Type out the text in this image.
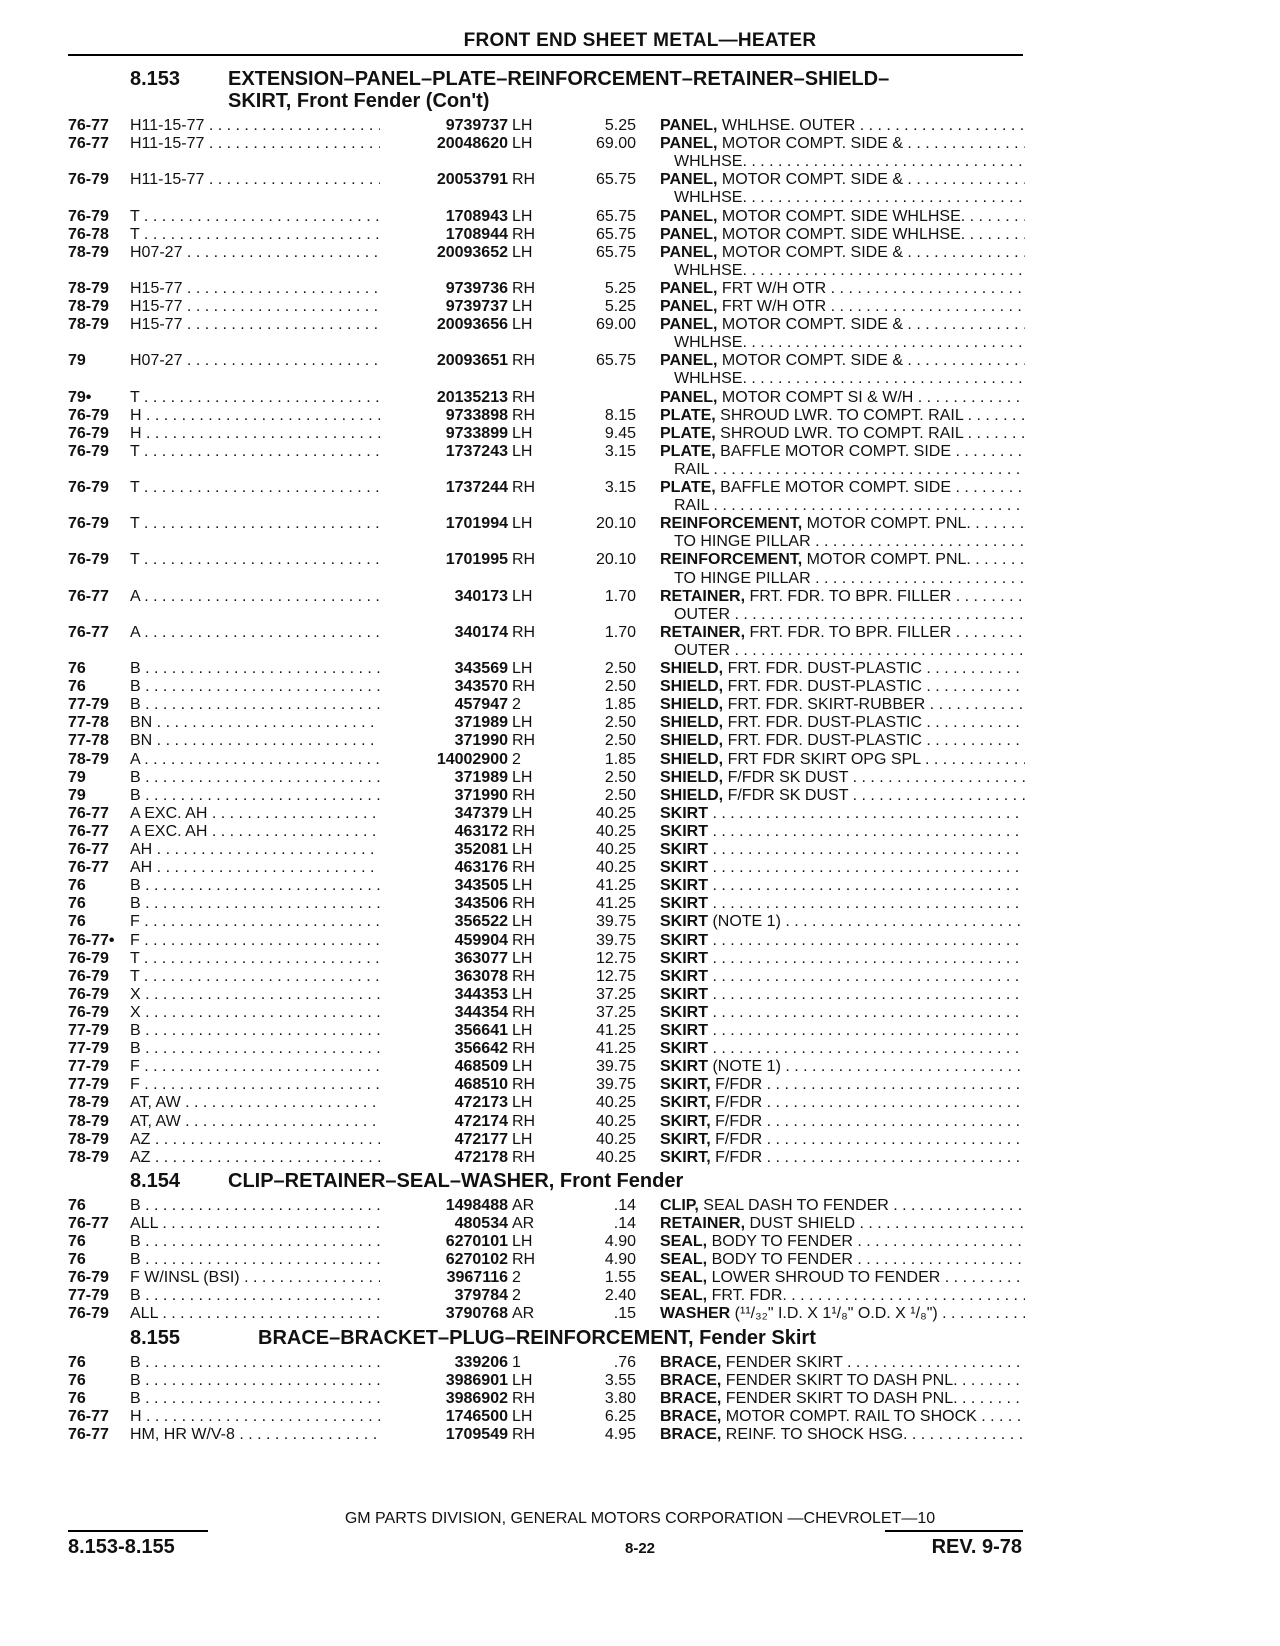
FRONT END SHEET METAL—HEATER
8.153 EXTENSION–PANEL–PLATE–REINFORCEMENT–RETAINER–SHIELD–
SKIRT, Front Fender (Con't)
76-77 H11-15-77 . . .	9739737 LH	5.25 PANEL, WHLHSE. OUTER . . .
76-77 H11-15-77 . . .	20048620 LH	69.00 PANEL, MOTOR COMPT. SIDE & . . .
WHLHSE. . . .
76-79 H11-15-77 . . .	20053791 RH	65.75 PANEL, MOTOR COMPT. SIDE & . . .
WHLHSE. . . .
76-79 T . . .	1708943 LH	65.75 PANEL, MOTOR COMPT. SIDE WHLHSE. . . .
76-78 T . . .	1708944 RH	65.75 PANEL, MOTOR COMPT. SIDE WHLHSE. . . .
78-79 H07-27 . . .	20093652 LH	65.75 PANEL, MOTOR COMPT. SIDE & . . .
WHLHSE. . . .
78-79 H15-77 . . .	9739736 RH	5.25 PANEL, FRT W/H OTR . . .
78-79 H15-77 . . .	9739737 LH	5.25 PANEL, FRT W/H OTR . . .
78-79 H15-77 . . .	20093656 LH	69.00 PANEL, MOTOR COMPT. SIDE & . . .
WHLHSE. . . .
79	H07-27 . . .	20093651 RH	65.75 PANEL, MOTOR COMPT. SIDE & . . .
WHLHSE. . . .
79• T . . .	20135213 RH	PANEL, MOTOR COMPT SI & W/H . . .
76-79 H . . .	9733898 RH	8.15 PLATE, SHROUD LWR. TO COMPT. RAIL . . .
76-79 H . . .	9733899 LH	9.45 PLATE, SHROUD LWR. TO COMPT. RAIL . . .
76-79 T . . .	1737243 LH	3.15 PLATE, BAFFLE MOTOR COMPT. SIDE . . .
RAIL . . .
76-79 T . . .	1737244 RH	3.15 PLATE, BAFFLE MOTOR COMPT. SIDE . . .
RAIL . . .
76-79 T . . .	1701994 LH	20.10 REINFORCEMENT, MOTOR COMPT. PNL. . . .
TO HINGE PILLAR . . .
76-79 T . . .	1701995 RH	20.10 REINFORCEMENT, MOTOR COMPT. PNL. . . .
TO HINGE PILLAR . . .
76-77 A . . .	340173 LH	1.70 RETAINER, FRT. FDR. TO BPR. FILLER . . .
OUTER . . .
76-77 A . . .	340174 RH	1.70 RETAINER, FRT. FDR. TO BPR. FILLER . . .
OUTER . . .
76	B . . .	343569 LH	2.50 SHIELD, FRT. FDR. DUST-PLASTIC . . .
76	B . . .	343570 RH	2.50 SHIELD, FRT. FDR. DUST-PLASTIC . . .
77-79 B . . .	457947 2	1.85 SHIELD, FRT. FDR. SKIRT-RUBBER . . .
77-78 BN . . .	371989 LH	2.50 SHIELD, FRT. FDR. DUST-PLASTIC . . .
77-78 BN . . .	371990 RH	2.50 SHIELD, FRT. FDR. DUST-PLASTIC . . .
78-79 A . . .	14002900 2	1.85 SHIELD, FRT FDR SKIRT OPG SPL . . .
79	B . . .	371989 LH	2.50 SHIELD, F/FDR SK DUST . . .
79	B . . .	371990 RH	2.50 SHIELD, F/FDR SK DUST . . .
76-77 A EXC. AH . . .	347379 LH	40.25 SKIRT . . .
76-77 A EXC. AH . . .	463172 RH	40.25 SKIRT . . .
76-77 AH . . .	352081 LH	40.25 SKIRT . . .
76-77 AH . . .	463176 RH	40.25 SKIRT . . .
76	B . . .	343505 LH	41.25 SKIRT . . .
76	B . . .	343506 RH	41.25 SKIRT . . .
76	F . . .	356522 LH	39.75 SKIRT (NOTE 1) . . .
76-77• F . . .	459904 RH	39.75 SKIRT . . .
76-79 T . . .	363077 LH	12.75 SKIRT . . .
76-79 T . . .	363078 RH	12.75 SKIRT . . .
76-79 X . . .	344353 LH	37.25 SKIRT . . .
76-79 X . . .	344354 RH	37.25 SKIRT . . .
77-79 B . . .	356641 LH	41.25 SKIRT . . .
77-79 B . . .	356642 RH	41.25 SKIRT . . .
77-79 F . . .	468509 LH	39.75 SKIRT (NOTE 1) . . .
77-79 F . . .	468510 RH	39.75 SKIRT, F/FDR . . .
78-79 AT, AW . . .	472173 LH	40.25 SKIRT, F/FDR . . .
78-79 AT, AW . . .	472174 RH	40.25 SKIRT, F/FDR . . .
78-79 AZ . . .	472177 LH	40.25 SKIRT, F/FDR . . .
78-79 AZ . . .	472178 RH	40.25 SKIRT, F/FDR . . .
8.154 CLIP–RETAINER–SEAL–WASHER, Front Fender
76	B . . .	1498488 AR	.14 CLIP, SEAL DASH TO FENDER . . .
76-77 ALL . . .	480534 AR	.14 RETAINER, DUST SHIELD . . .
76	B . . .	6270101 LH	4.90 SEAL, BODY TO FENDER . . .
76	B . . .	6270102 RH	4.90 SEAL, BODY TO FENDER . . .
76-79 F W/INSL (BSI) . . .	3967116 2	1.55 SEAL, LOWER SHROUD TO FENDER . . .
77-79 B . . .	379784 2	2.40 SEAL, FRT. FDR. . . .
76-79 ALL . . .	3790768 AR	.15 WASHER (¹¹/₃₂" I.D. X 1¹/₈" O.D. X ¹/₈") . . .
8.155	BRACE–BRACKET–PLUG–REINFORCEMENT, Fender Skirt
76	B . . .	339206 1	.76 BRACE, FENDER SKIRT . . .
76	B . . .	3986901 LH	3.55 BRACE, FENDER SKIRT TO DASH PNL. . . .
76	B . . .	3986902 RH	3.80 BRACE, FENDER SKIRT TO DASH PNL. . . .
76-77 H . . .	1746500 LH	6.25 BRACE, MOTOR COMPT. RAIL TO SHOCK . . .
76-77 HM, HR W/V-8 . . .	1709549 RH	4.95 BRACE, REINF. TO SHOCK HSG. . . .
GM PARTS DIVISION, GENERAL MOTORS CORPORATION —CHEVROLET—10
8.153-8.155	8-22	REV. 9-78
